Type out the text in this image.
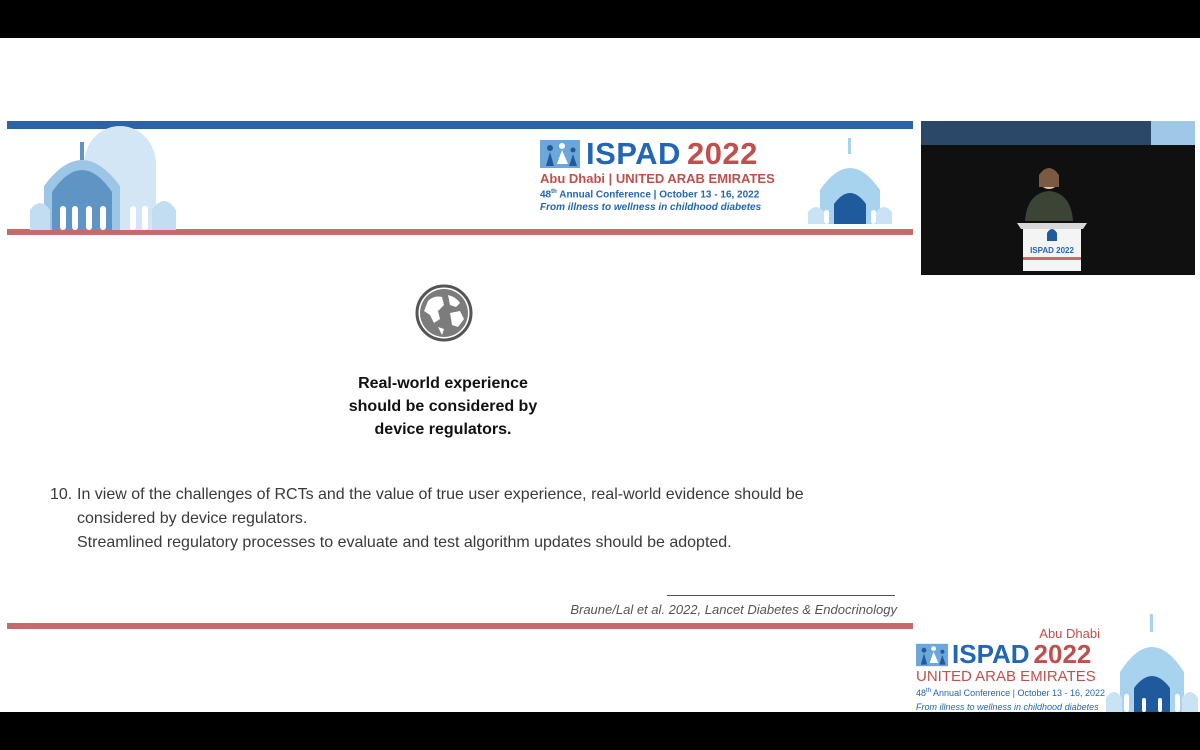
ISPAD 2022
Abu Dhabi | UNITED ARAB EMIRATES
48th Annual Conference | October 13 - 16, 2022
From illness to wellness in childhood diabetes
ISPAD 2022
Real-world experience
should be considered by
device regulators.
10. In view of the challenges of RCTs and the value of true user experience, real-world evidence should be
considered by device regulators.
Streamlined regulatory processes to evaluate and test algorithm updates should be adopted.
Braune/Lal et al. 2022, Lancet Diabetes & Endocrinology
Abu Dhabi
ISPAD 2022
UNITED ARAB EMIRATES
48th Annual Conference | October 13 - 16, 2022
From illness to wellness in childhood diabetes
